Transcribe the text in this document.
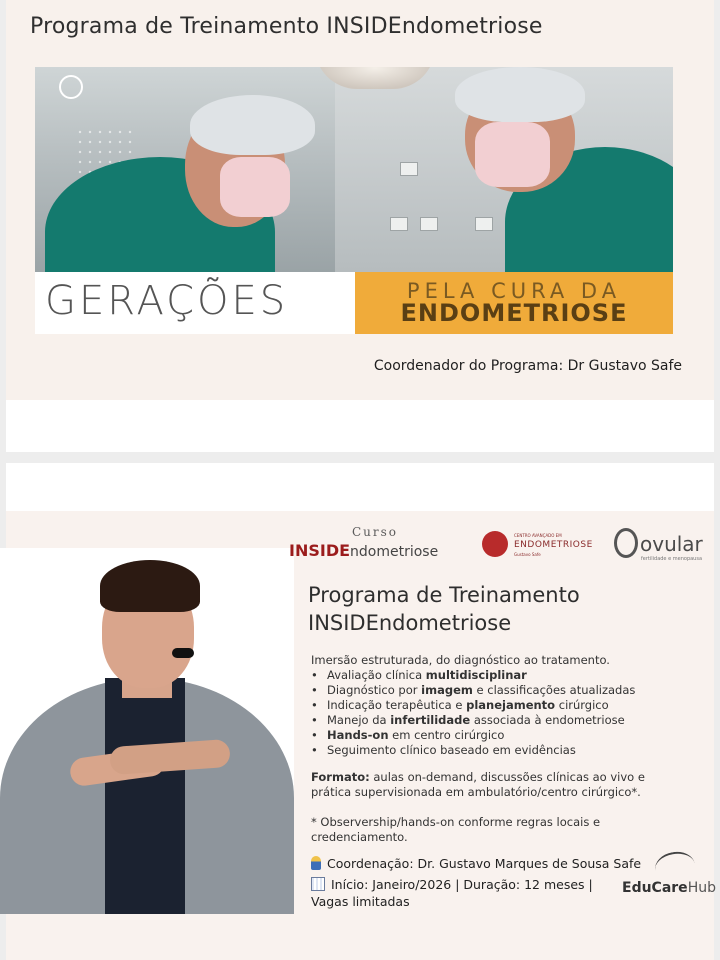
Programa de Treinamento INSIDEndometriose
GERAÇÕES	PELA CURA DA
ENDOMETRIOSE
Coordenador do Programa: Dr Gustavo Safe
Curso
INSIDEndometriose
CENTRO AVANÇADO EM
ENDOMETRIOSE
Gustavo Safe	ovular
fertilidade e menopausa
Programa de Treinamento
INSIDEndometriose
Imersão estruturada, do diagnóstico ao tratamento.
• Avaliação clínica multidisciplinar
• Diagnóstico por imagem e classificações atualizadas
• Indicação terapêutica e planejamento cirúrgico
• Manejo da infertilidade associada à endometriose
• Hands-on em centro cirúrgico
• Seguimento clínico baseado em evidências
Formato: aulas on-demand, discussões clínicas ao vivo e prática supervisionada em ambulatório/centro cirúrgico*.
* Observership/hands-on conforme regras locais e credenciamento.
Coordenação: Dr. Gustavo Marques de Sousa Safe
Início: Janeiro/2026 | Duração: 12 meses | Vagas limitadas
EduCareHub
